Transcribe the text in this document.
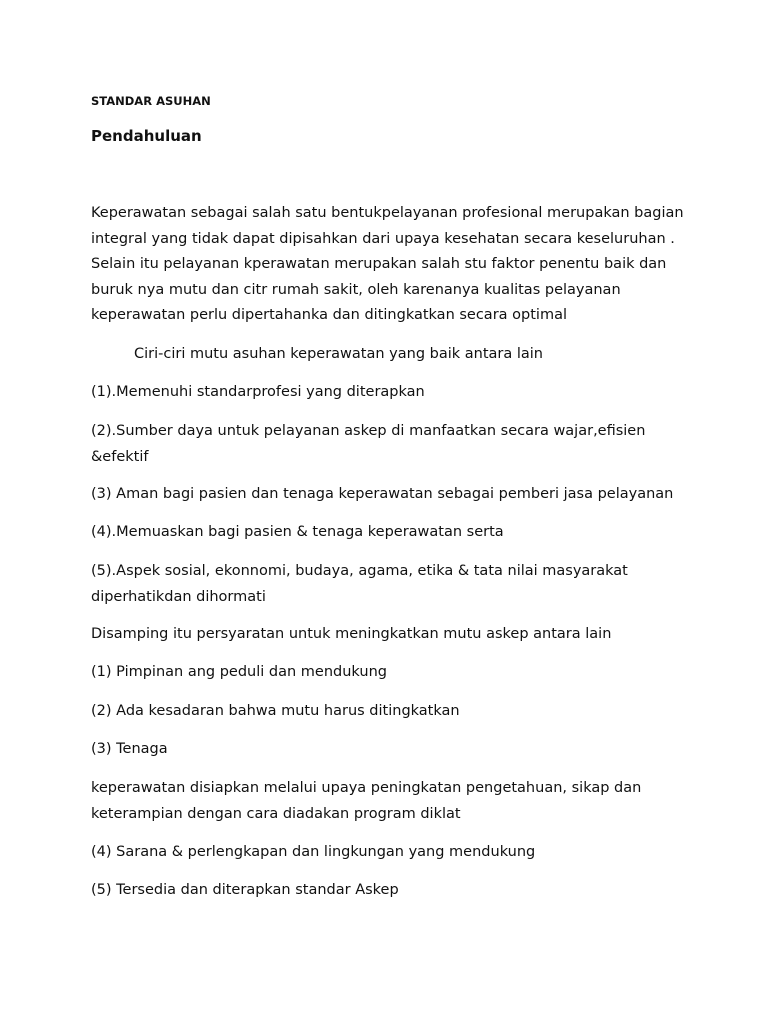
STANDAR ASUHAN
Pendahuluan
Keperawatan sebagai salah satu bentukpelayanan profesional merupakan bagian
integral yang tidak dapat dipisahkan dari upaya kesehatan secara keseluruhan .
Selain itu pelayanan kperawatan merupakan salah stu faktor penentu baik dan
buruk nya mutu dan citr rumah sakit, oleh karenanya kualitas pelayanan
keperawatan perlu dipertahanka dan ditingkatkan secara optimal
Ciri-ciri mutu asuhan keperawatan yang baik antara lain
(1).Memenuhi standarprofesi yang diterapkan
(2).Sumber daya untuk pelayanan askep di manfaatkan secara wajar,efisien
&efektif
(3) Aman bagi pasien dan tenaga keperawatan sebagai pemberi jasa pelayanan
(4).Memuaskan bagi pasien & tenaga keperawatan serta
(5).Aspek sosial, ekonnomi, budaya, agama, etika & tata nilai masyarakat
diperhatikdan dihormati
Disamping itu persyaratan untuk meningkatkan mutu askep antara lain
(1) Pimpinan ang peduli dan mendukung
(2) Ada kesadaran bahwa mutu harus ditingkatkan
(3) Tenaga
keperawatan disiapkan melalui upaya peningkatan pengetahuan, sikap dan
keterampian dengan cara diadakan program diklat
(4) Sarana & perlengkapan dan lingkungan yang mendukung
(5) Tersedia dan diterapkan standar Askep
